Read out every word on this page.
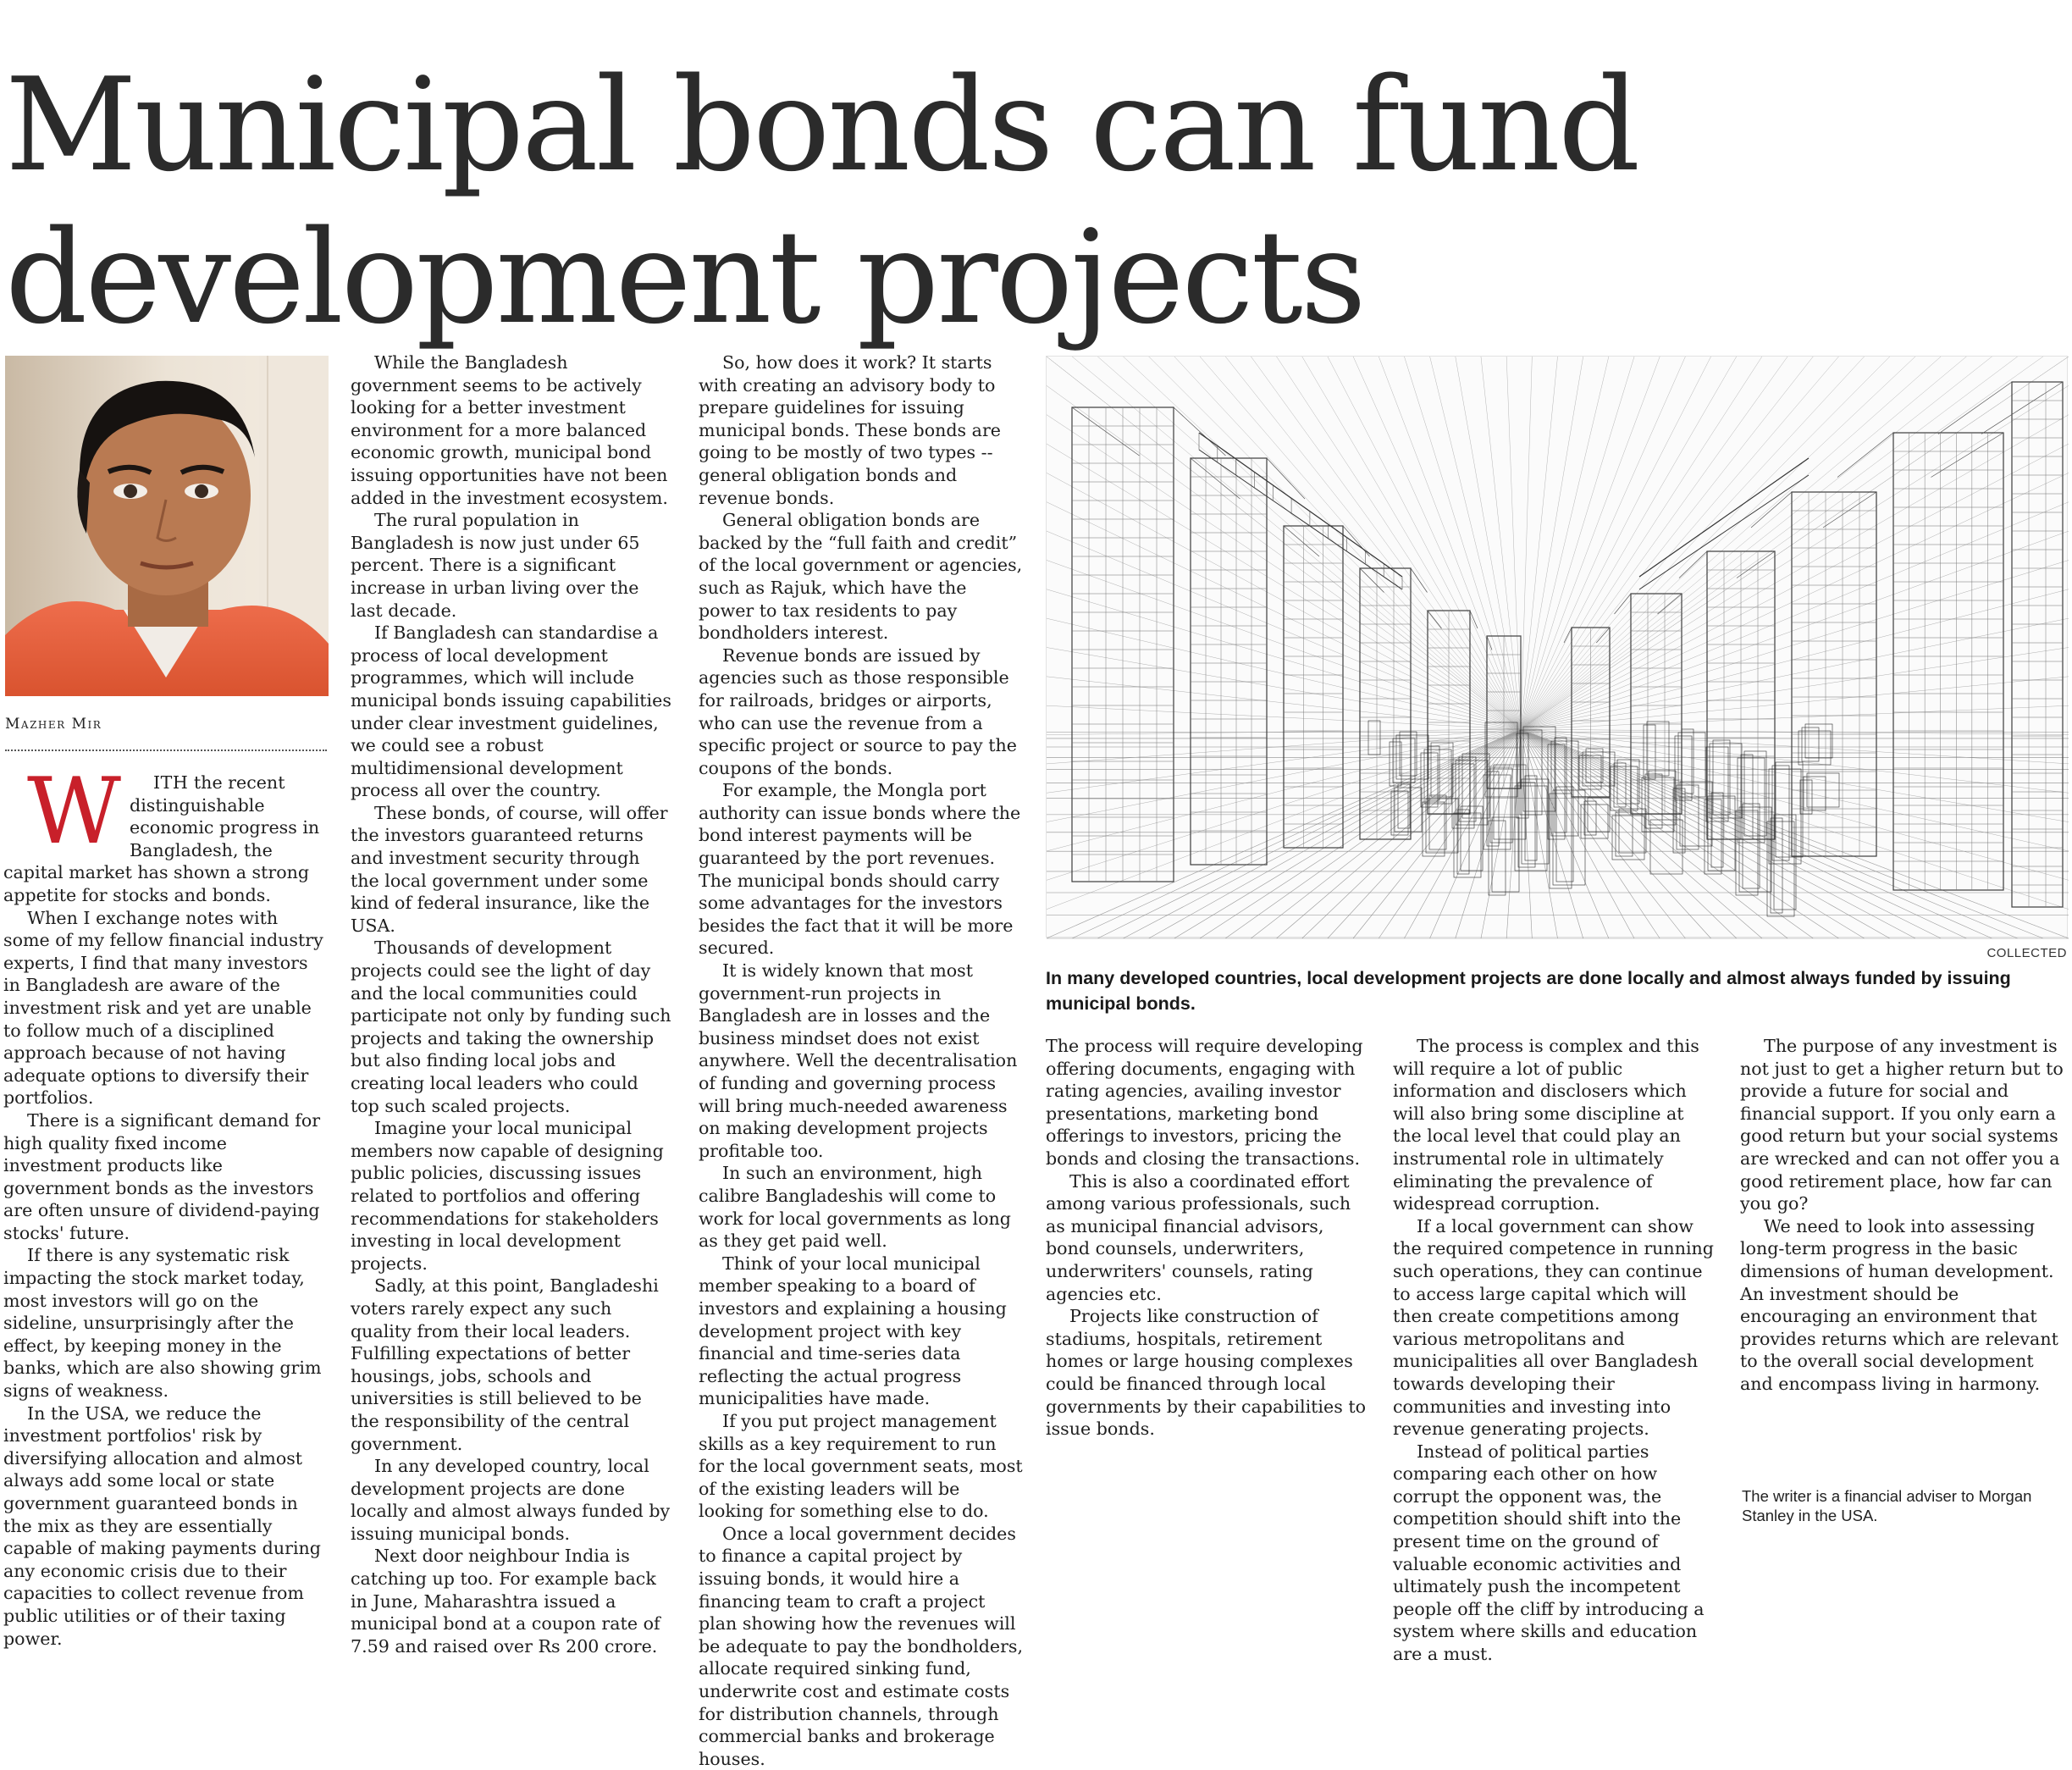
Municipal bonds can fund
development projects
Mazher Mir

W ITH the recent distinguishable economic progress in Bangladesh, the capital market has shown a strong appetite for stocks and bonds.

When I exchange notes with some of my fellow financial industry experts, I find that many investors in Bangladesh are aware of the investment risk and yet are unable to follow much of a disciplined approach because of not having adequate options to diversify their portfolios.

There is a significant demand for high quality fixed income investment products like government bonds as the investors are often unsure of dividend-paying stocks' future.

If there is any systematic risk impacting the stock market today, most investors will go on the sideline, unsurprisingly after the effect, by keeping money in the banks, which are also showing grim signs of weakness.

In the USA, we reduce the investment portfolios' risk by diversifying allocation and almost always add some local or state government guaranteed bonds in the mix as they are essentially capable of making payments during any economic crisis due to their capacities to collect revenue from public utilities or of their taxing power.

While the Bangladesh government seems to be actively looking for a better investment environment for a more balanced economic growth, municipal bond issuing opportunities have not been added in the investment ecosystem.

The rural population in Bangladesh is now just under 65 percent. There is a significant increase in urban living over the last decade.

If Bangladesh can standardise a process of local development programmes, which will include municipal bonds issuing capabilities under clear investment guidelines, we could see a robust multidimensional development process all over the country.

These bonds, of course, will offer the investors guaranteed returns and investment security through the local government under some kind of federal insurance, like the USA.

Thousands of development projects could see the light of day and the local communities could participate not only by funding such projects and taking the ownership but also finding local jobs and creating local leaders who could top such scaled projects.

Imagine your local municipal members now capable of designing public policies, discussing issues related to portfolios and offering recommendations for stakeholders investing in local development projects.

Sadly, at this point, Bangladeshi voters rarely expect any such quality from their local leaders. Fulfilling expectations of better housings, jobs, schools and universities is still believed to be the responsibility of the central government.

In any developed country, local development projects are done locally and almost always funded by issuing municipal bonds.

Next door neighbour India is catching up too. For example back in June, Maharashtra issued a municipal bond at a coupon rate of 7.59 and raised over Rs 200 crore.

So, how does it work? It starts with creating an advisory body to prepare guidelines for issuing municipal bonds. These bonds are going to be mostly of two types -- general obligation bonds and revenue bonds.

General obligation bonds are backed by the “full faith and credit” of the local government or agencies, such as Rajuk, which have the power to tax residents to pay bondholders interest.

Revenue bonds are issued by agencies such as those responsible for railroads, bridges or airports, who can use the revenue from a specific project or source to pay the coupons of the bonds.

For example, the Mongla port authority can issue bonds where the bond interest payments will be guaranteed by the port revenues. The municipal bonds should carry some advantages for the investors besides the fact that it will be more secured.

It is widely known that most government-run projects in Bangladesh are in losses and the business mindset does not exist anywhere. Well the decentralisation of funding and governing process will bring much-needed awareness on making development projects profitable too.

In such an environment, high calibre Bangladeshis will come to work for local governments as long as they get paid well.

Think of your local municipal member speaking to a board of investors and explaining a housing development project with key financial and time-series data reflecting the actual progress municipalities have made.

If you put project management skills as a key requirement to run for the local government seats, most of the existing leaders will be looking for something else to do.

Once a local government decides to finance a capital project by issuing bonds, it would hire a financing team to craft a project plan showing how the revenues will be adequate to pay the bondholders, allocate required sinking fund, underwrite cost and estimate costs for distribution channels, through commercial banks and brokerage houses.

COLLECTED
In many developed countries, local development projects are done locally and almost always funded by issuing municipal bonds.

The process will require developing offering documents, engaging with rating agencies, availing investor presentations, marketing bond offerings to investors, pricing the bonds and closing the transactions.

This is also a coordinated effort among various professionals, such as municipal financial advisors, bond counsels, underwriters, underwriters' counsels, rating agencies etc.

Projects like construction of stadiums, hospitals, retirement homes or large housing complexes could be financed through local governments by their capabilities to issue bonds.

The process is complex and this will require a lot of public information and disclosers which will also bring some discipline at the local level that could play an instrumental role in ultimately eliminating the prevalence of widespread corruption.

If a local government can show the required competence in running such operations, they can continue to access large capital which will then create competitions among various metropolitans and municipalities all over Bangladesh towards developing their communities and investing into revenue generating projects.

Instead of political parties comparing each other on how corrupt the opponent was, the competition should shift into the present time on the ground of valuable economic activities and ultimately push the incompetent people off the cliff by introducing a system where skills and education are a must.

The purpose of any investment is not just to get a higher return but to provide a future for social and financial support. If you only earn a good return but your social systems are wrecked and can not offer you a good retirement place, how far can you go?

We need to look into assessing long-term progress in the basic dimensions of human development. An investment should be encouraging an environment that provides returns which are relevant to the overall social development and encompass living in harmony.

The writer is a financial adviser to Morgan Stanley in the USA.
